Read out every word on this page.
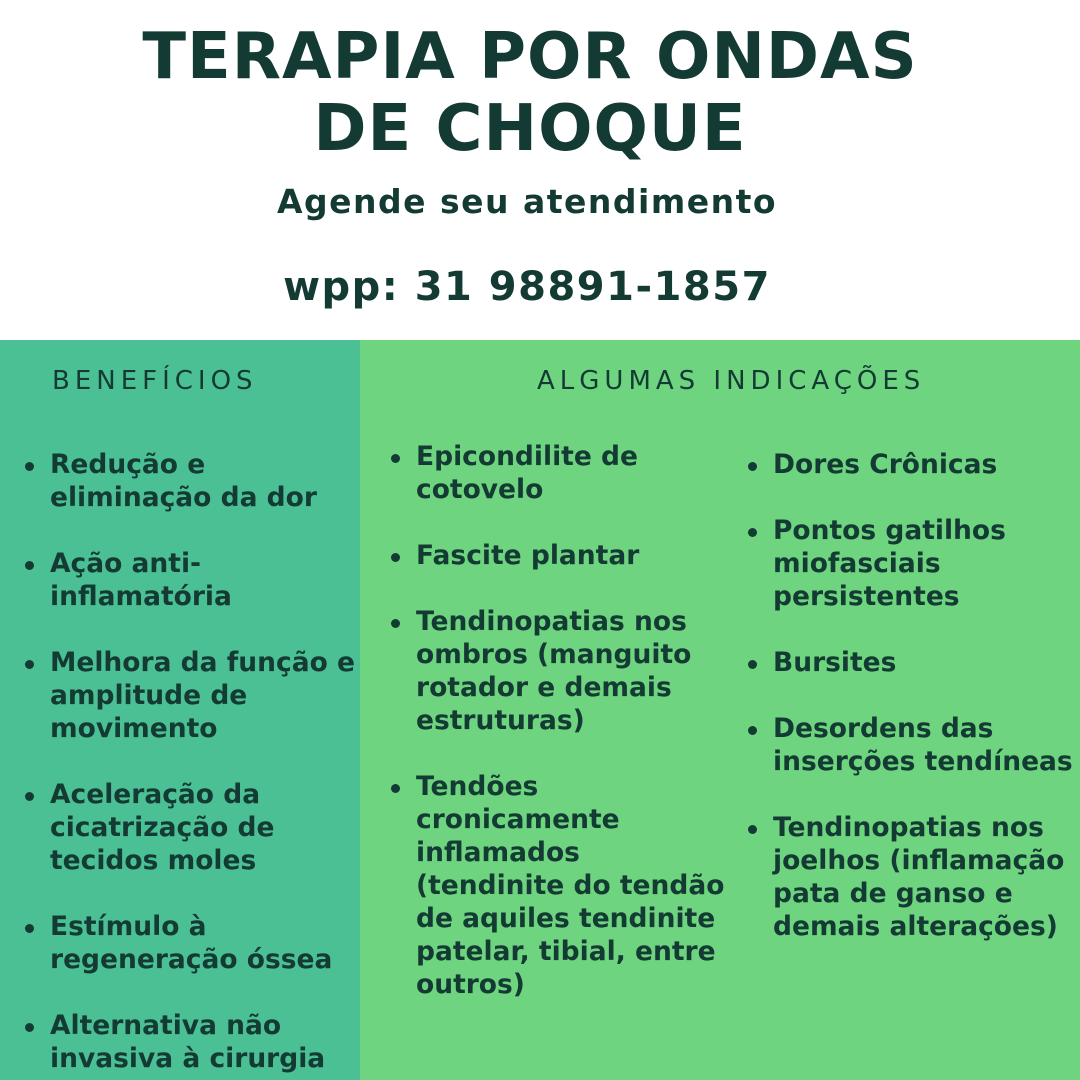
TERAPIA POR ONDAS
DE CHOQUE
Agende seu atendimento
wpp: 31 98891-1857
BENEFÍCIOS	ALGUMAS INDICAÇÕES
Redução e eliminação da dor
Ação anti-inflamatória
Melhora da função e amplitude de movimento
Aceleração da cicatrização de tecidos moles
Estímulo à regeneração óssea
Alternativa não invasiva à cirurgia
Epicondilite de cotovelo
Fascite plantar
Tendinopatias nos ombros (manguito rotador e demais estruturas)
Tendões cronicamente inflamados (tendinite do tendão de aquiles tendinite patelar, tibial, entre outros)
Dores Crônicas
Pontos gatilhos miofasciais persistentes
Bursites
Desordens das inserções tendíneas
Tendinopatias nos joelhos (inflamação pata de ganso e demais alterações)
